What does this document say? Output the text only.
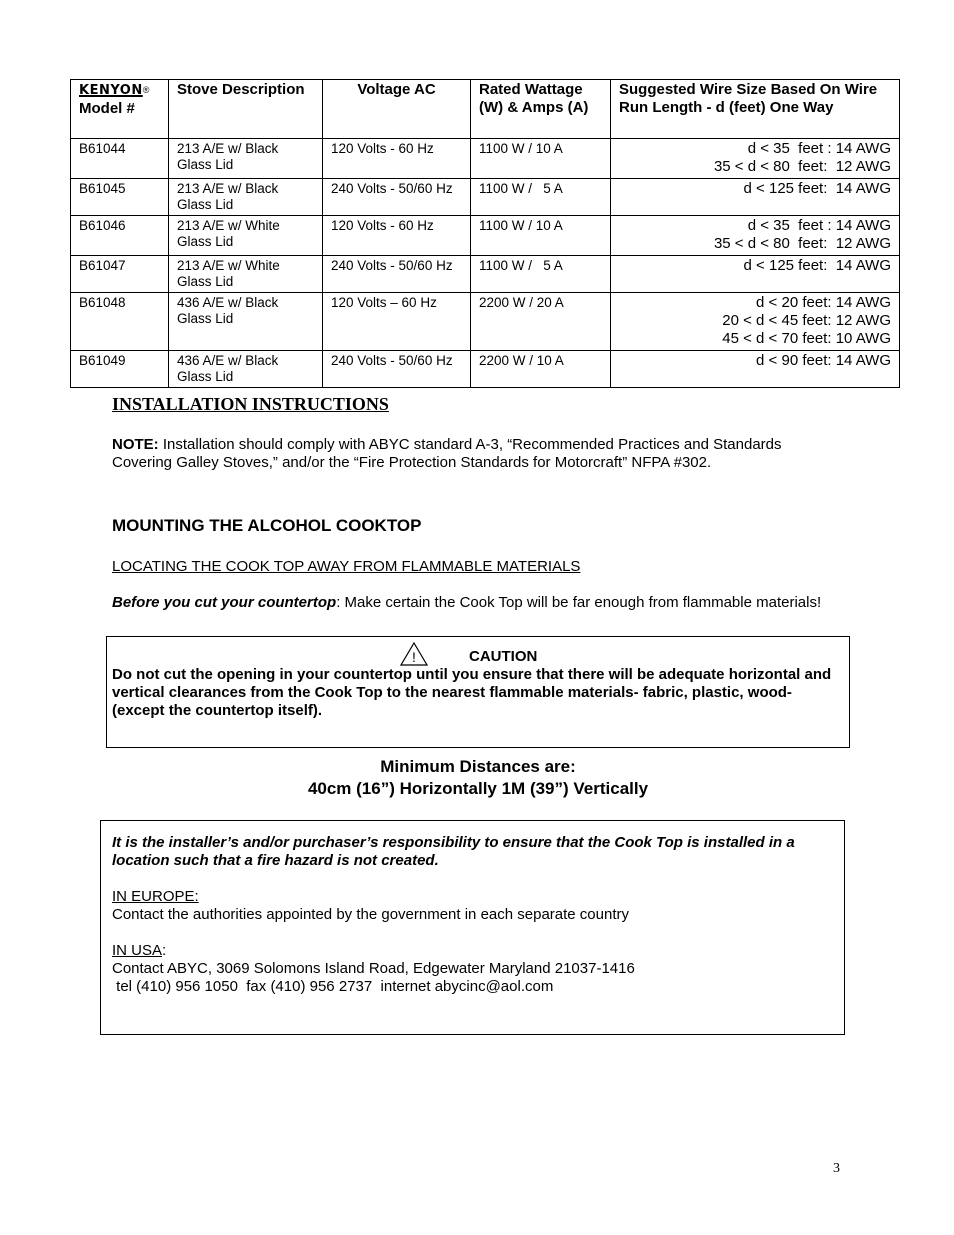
KENYON®
Model #	Stove Description	Voltage AC	Rated Wattage (W) & Amps (A)	Suggested Wire Size Based On Wire Run Length - d (feet) One Way
B61044	213 A/E w/ Black Glass Lid	120 Volts - 60 Hz	1100 W / 10 A	d < 35  feet : 14 AWG
35 < d < 80  feet:  12 AWG

B61045	213 A/E w/ Black Glass Lid	240 Volts - 50/60 Hz	1100 W /   5 A	d < 125 feet:  14 AWG

B61046	213 A/E w/ White Glass Lid	120 Volts - 60 Hz	1100 W / 10 A	d < 35  feet : 14 AWG
35 < d < 80  feet:  12 AWG

B61047	213 A/E w/ White Glass Lid	240 Volts - 50/60 Hz	1100 W /   5 A	d < 125 feet:  14 AWG

B61048	436 A/E w/ Black Glass Lid	120 Volts – 60 Hz	2200 W / 20 A	d < 20 feet: 14 AWG
20 < d < 45 feet: 12 AWG
45 < d < 70 feet: 10 AWG

B61049	436 A/E w/ Black Glass Lid	240 Volts - 50/60 Hz	2200 W / 10 A	d < 90 feet: 14 AWG
INSTALLATION INSTRUCTIONS
NOTE: Installation should comply with ABYC standard A-3, “Recommended Practices and Standards Covering Galley Stoves,” and/or the “Fire Protection Standards for Motorcraft” NFPA #302.
MOUNTING THE ALCOHOL COOKTOP
LOCATING THE COOK TOP AWAY FROM FLAMMABLE MATERIALS
Before you cut your countertop: Make certain the Cook Top will be far enough from flammable materials!
!	CAUTION
Do not cut the opening in your countertop until you ensure that there will be adequate horizontal and vertical clearances from the Cook Top to the nearest flammable materials- fabric, plastic, wood- (except the countertop itself).
Minimum Distances are:
40cm (16”) Horizontally 1M (39”) Vertically
It is the installer’s and/or purchaser’s responsibility to ensure that the Cook Top is installed in a location such that a fire hazard is not created.
IN EUROPE:
Contact the authorities appointed by the government in each separate country
IN USA:
Contact ABYC, 3069 Solomons Island Road, Edgewater Maryland 21037-1416
tel (410) 956 1050  fax (410) 956 2737  internet abycinc@aol.com
3
